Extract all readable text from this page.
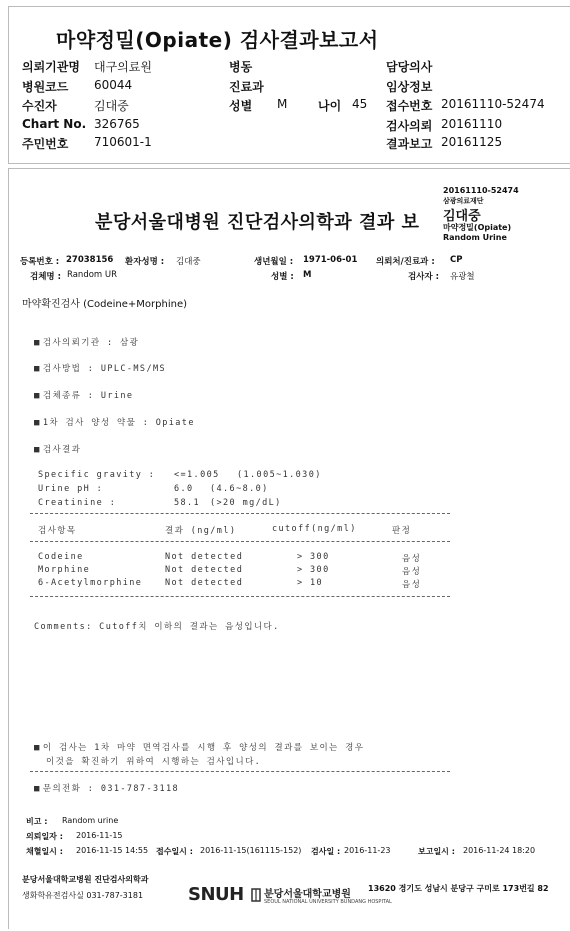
마약정밀(Opiate) 검사결과보고서
의뢰기관명 대구의료원
병원코드 60044
수진자	김대중
Chart No. 326765
주민번호 710601-1
병동
진료과
성별 M	나이 45
담당의사
임상정보
접수번호 20161110-52474
검사의뢰 20161110
결과보고 20161125
분당서울대병원 진단검사의학과 결과 보
20161110-52474
삼광의료재단
김대중
마약정밀(Opiate)
Random Urine
등록번호 : 27038156 환자성명 : 김대중	생년월일 : 1971-06-01 의뢰처/진료과 : CP
검체명 : Random UR	성별 : M	검사자 : 유광철
마약확진검사 (Codeine+Morphine)
■ 검사의뢰기관 : 삼광
■ 검사방법 : UPLC-MS/MS
■ 검체종류 : Urine
■ 1차 검사 양성 약물 : Opiate
■ 검사결과
Specific gravity : <=1.005 (1.005~1.030)
Urine pH :	6.0 (4.6~8.0)
Creatinine :	58.1 (>20 mg/dL)
검사항목	결과 (ng/ml)	cutoff(ng/ml)	판정
Codeine	Not detected	> 300	음성
Morphine	Not detected	> 300	음성
6-Acetylmorphine	Not detected	> 10	음성
Comments: Cutoff치 이하의 결과는 음성입니다.
■ 이 검사는 1차 마약 면역검사를 시행 후 양성의 결과를 보이는 경우
이것을 확진하기 위하여 시행하는 검사입니다.
■ 문의전화 : 031-787-3118
비고 : Random urine
의뢰일자 : 2016-11-15
채혈일시 : 2016-11-15 14:55 접수일시 : 2016-11-15(161115-152) 검사일 : 2016-11-23	보고일시 : 2016-11-24 18:20
분당서울대학교병원 진단검사의학과
생화학유전검사실 031-787-3181 SNUH 분당서울대학교병원
SEOUL NATIONAL UNIVERSITY BUNDANG HOSPITAL
13620 경기도 성남시 분당구 구미로 173번길 82
